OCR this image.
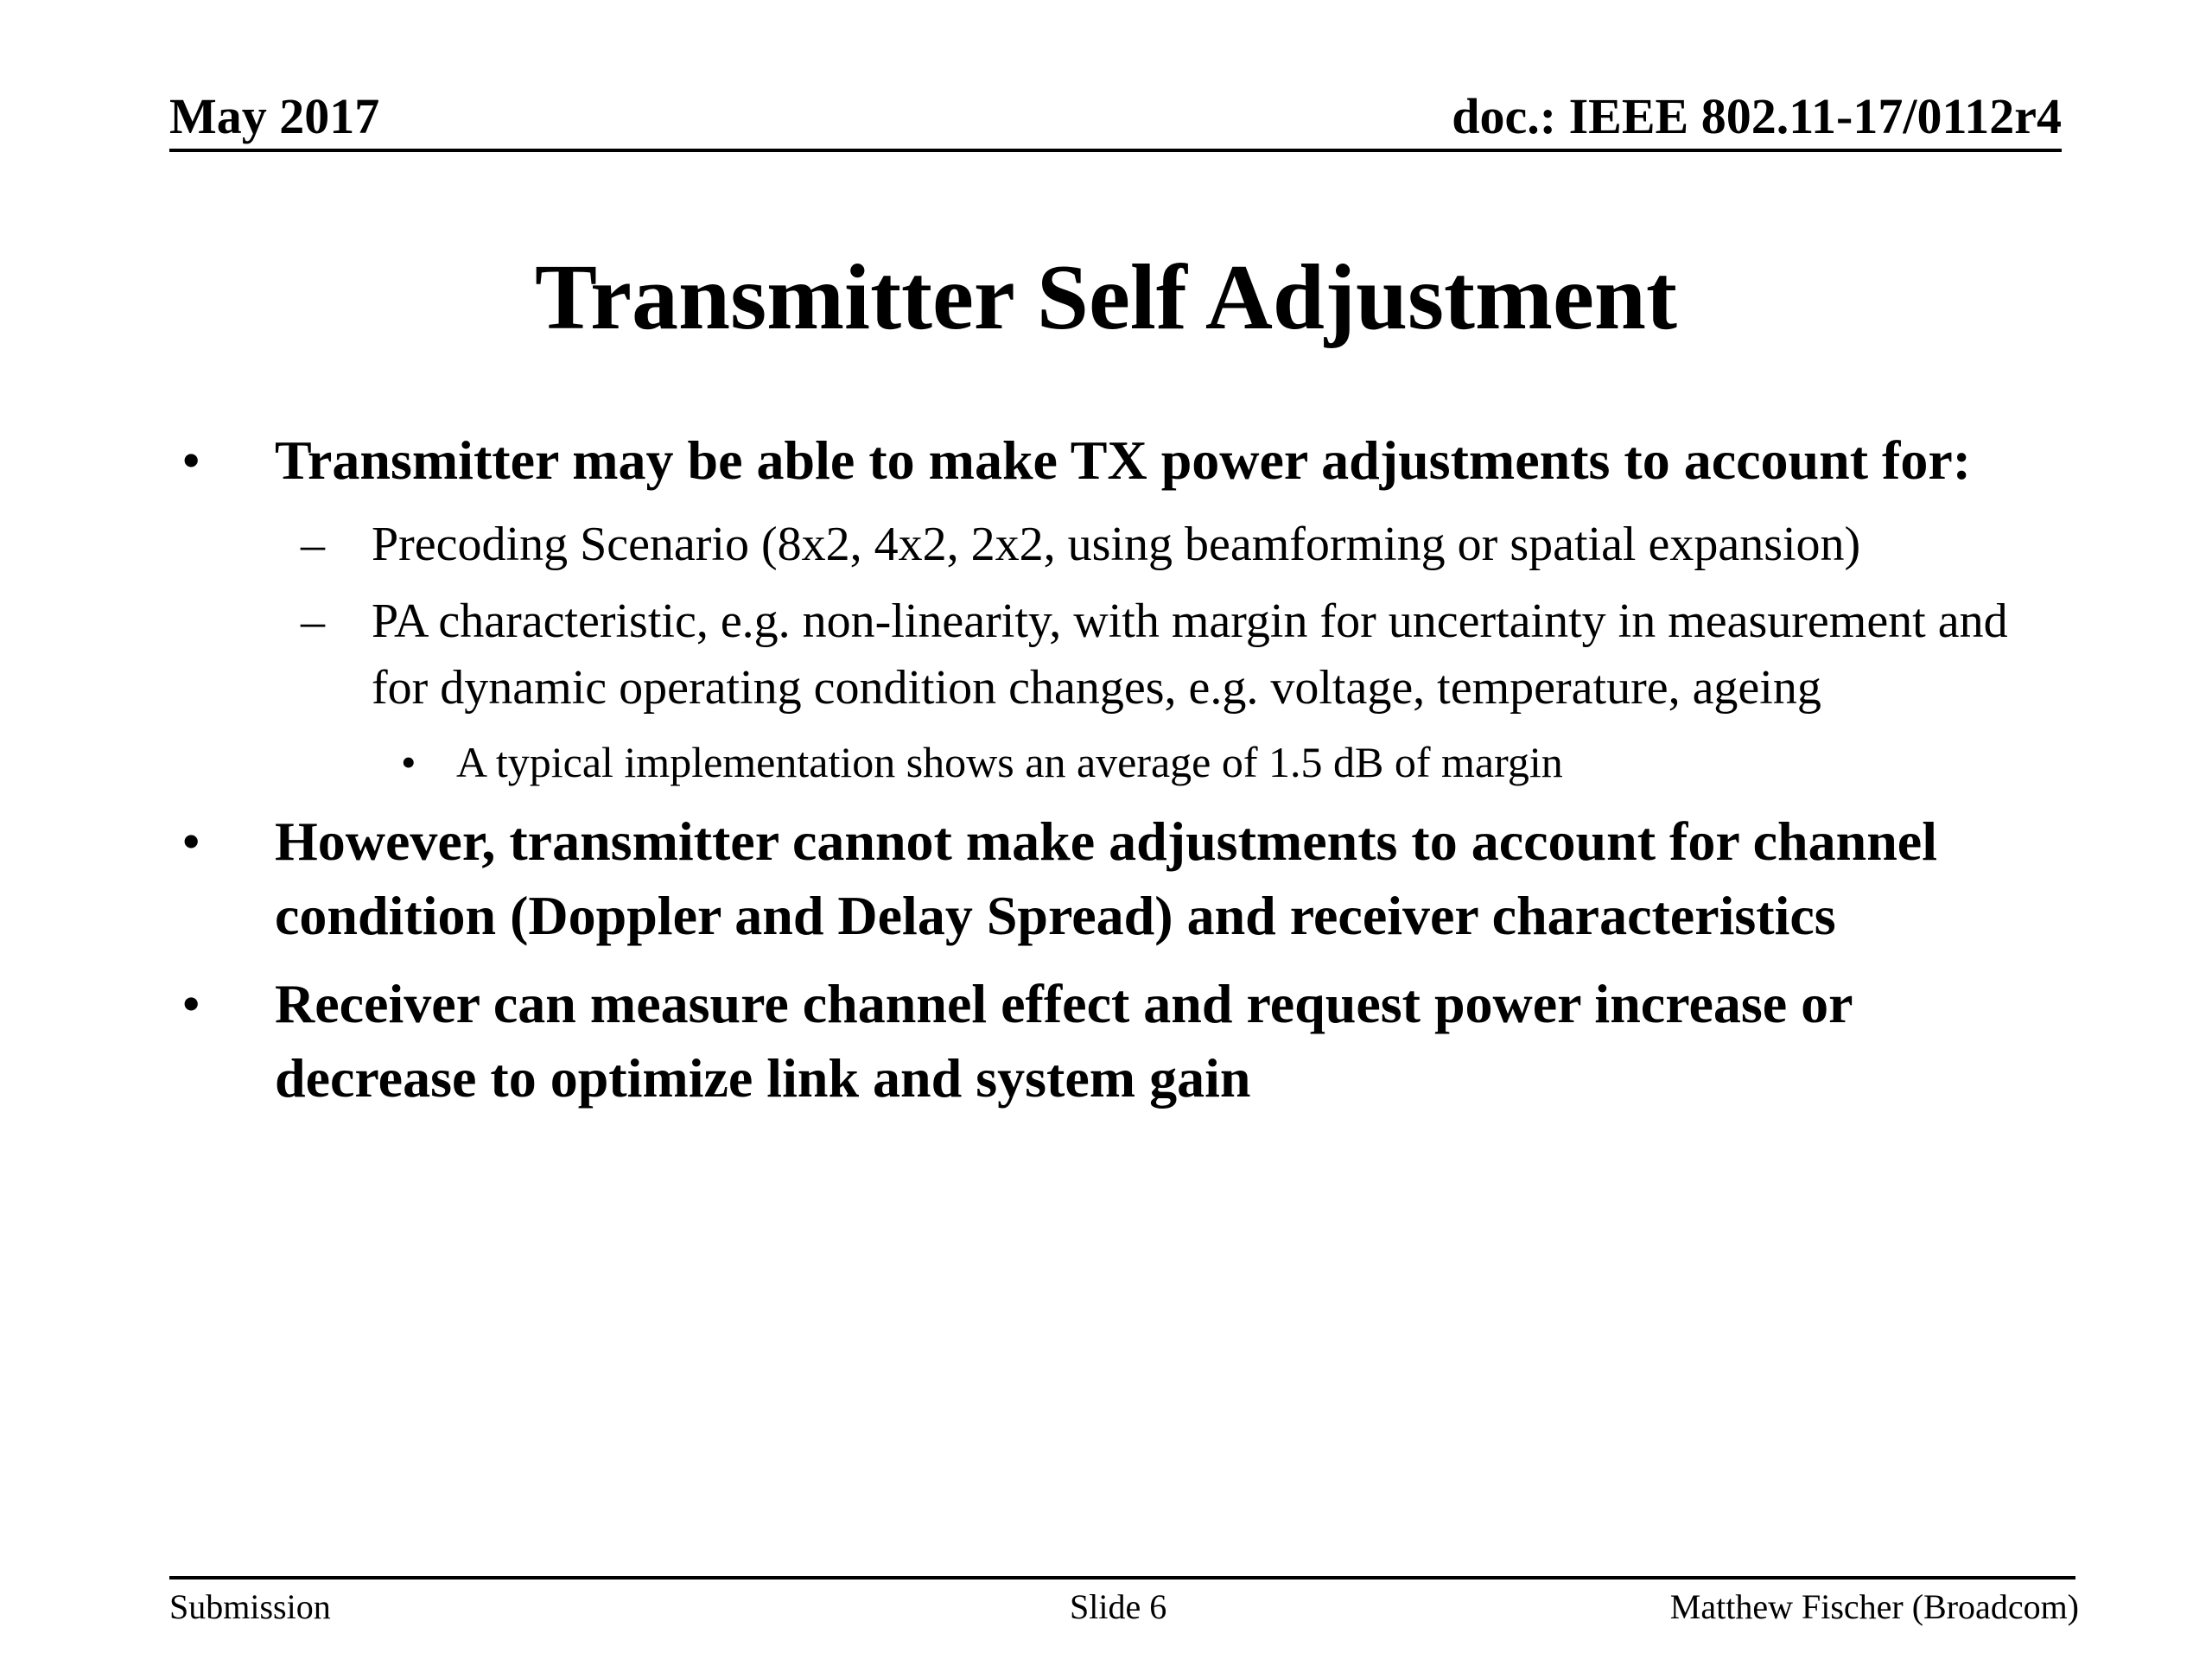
May 2017	doc.: IEEE 802.11-17/0112r4
Transmitter Self Adjustment
• Transmitter may be able to make TX power adjustments to account for:
– Precoding Scenario (8x2, 4x2, 2x2, using beamforming or spatial expansion)
– PA characteristic, e.g. non-linearity, with margin for uncertainty in measurement and for dynamic operating condition changes, e.g. voltage, temperature, ageing
• A typical implementation shows an average of 1.5 dB of margin
• However, transmitter cannot make adjustments to account for channel condition (Doppler and Delay Spread) and receiver characteristics
• Receiver can measure channel effect and request power increase or decrease to optimize link and system gain
Submission	Slide 6	Matthew Fischer (Broadcom)
